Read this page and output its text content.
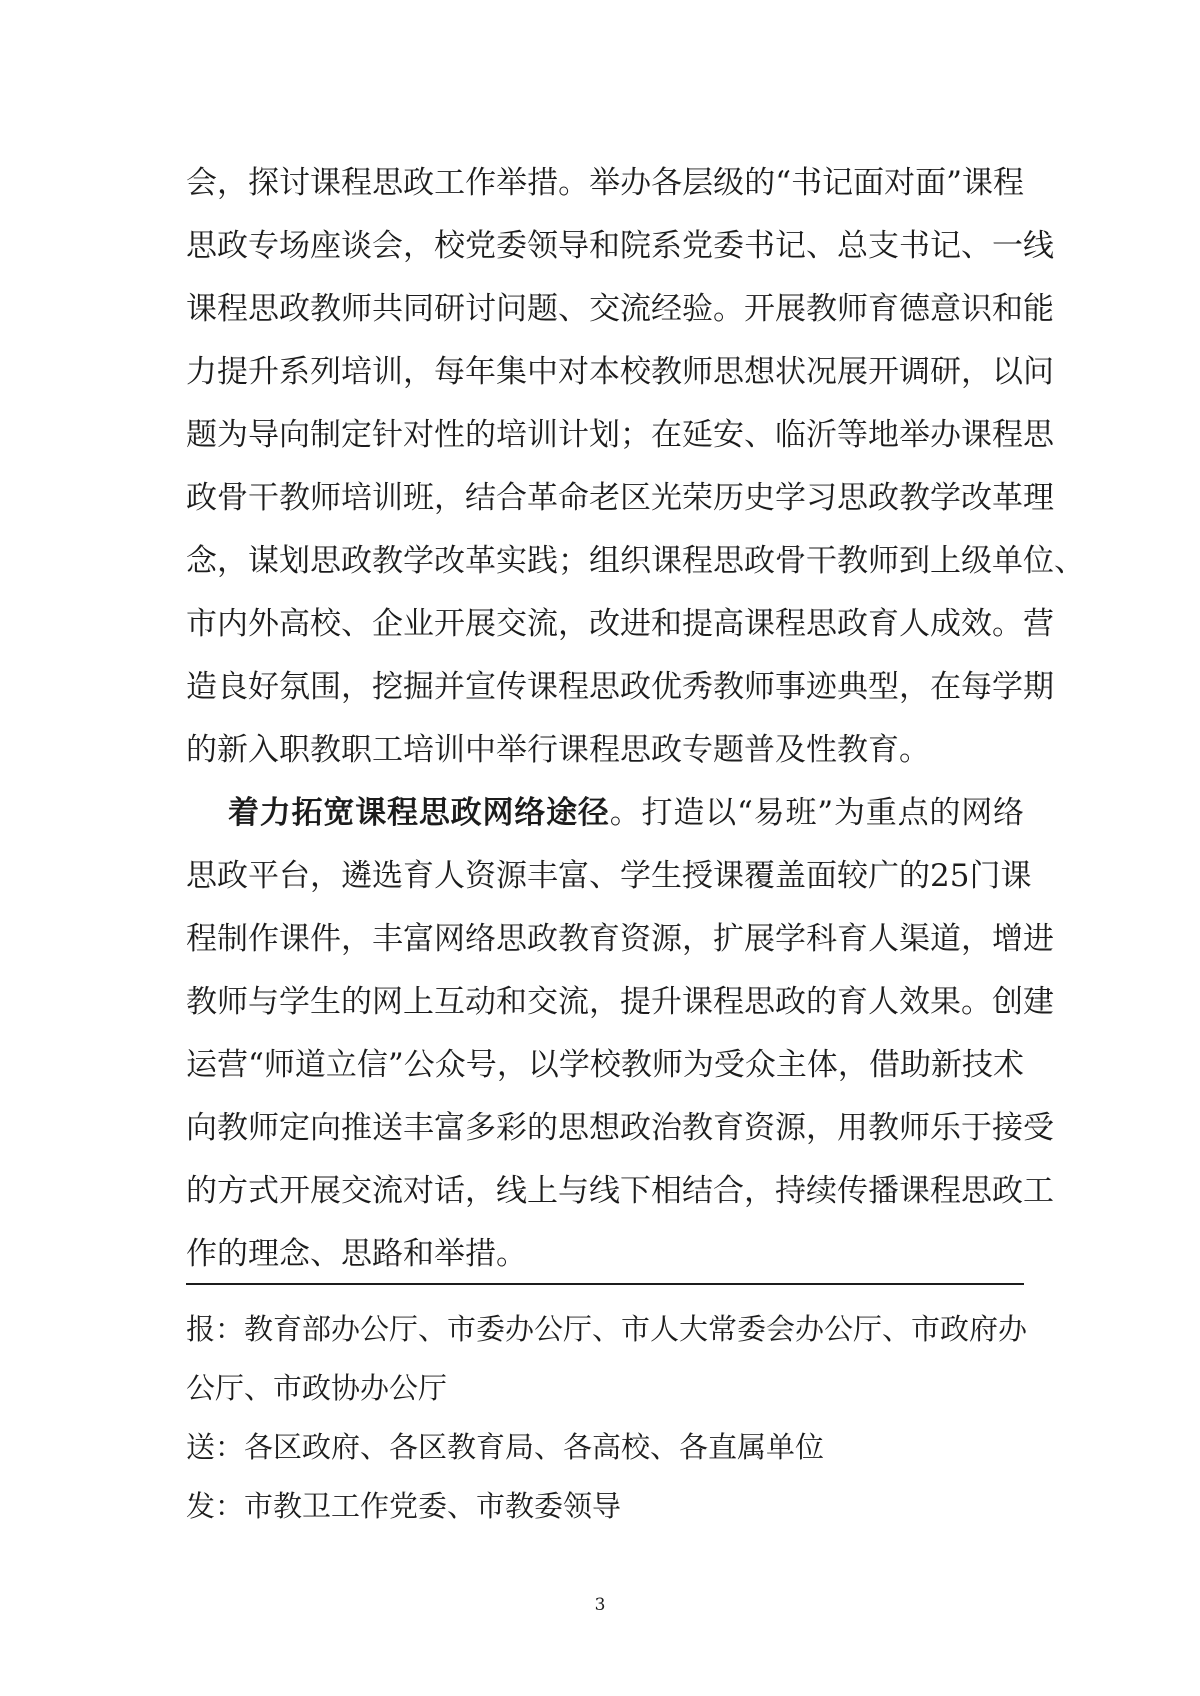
会，探讨课程思政工作举措。举办各层级的“书记面对面”课程
思政专场座谈会，校党委领导和院系党委书记、总支书记、一线
课程思政教师共同研讨问题、交流经验。开展教师育德意识和能
力提升系列培训，每年集中对本校教师思想状况展开调研，以问
题为导向制定针对性的培训计划；在延安、临沂等地举办课程思
政骨干教师培训班，结合革命老区光荣历史学习思政教学改革理
念，谋划思政教学改革实践；组织课程思政骨干教师到上级单位、
市内外高校、企业开展交流，改进和提高课程思政育人成效。营
造良好氛围，挖掘并宣传课程思政优秀教师事迹典型，在每学期
的新入职教职工培训中举行课程思政专题普及性教育。
着力拓宽课程思政网络途径。打造以“易班”为重点的网络
思政平台，遴选育人资源丰富、学生授课覆盖面较广的25门课
程制作课件，丰富网络思政教育资源，扩展学科育人渠道，增进
教师与学生的网上互动和交流，提升课程思政的育人效果。创建
运营“师道立信”公众号，以学校教师为受众主体，借助新技术
向教师定向推送丰富多彩的思想政治教育资源，用教师乐于接受
的方式开展交流对话，线上与线下相结合，持续传播课程思政工
作的理念、思路和举措。
报：教育部办公厅、市委办公厅、市人大常委会办公厅、市政府办
公厅、市政协办公厅
送：各区政府、各区教育局、各高校、各直属单位
发：市教卫工作党委、市教委领导
3
